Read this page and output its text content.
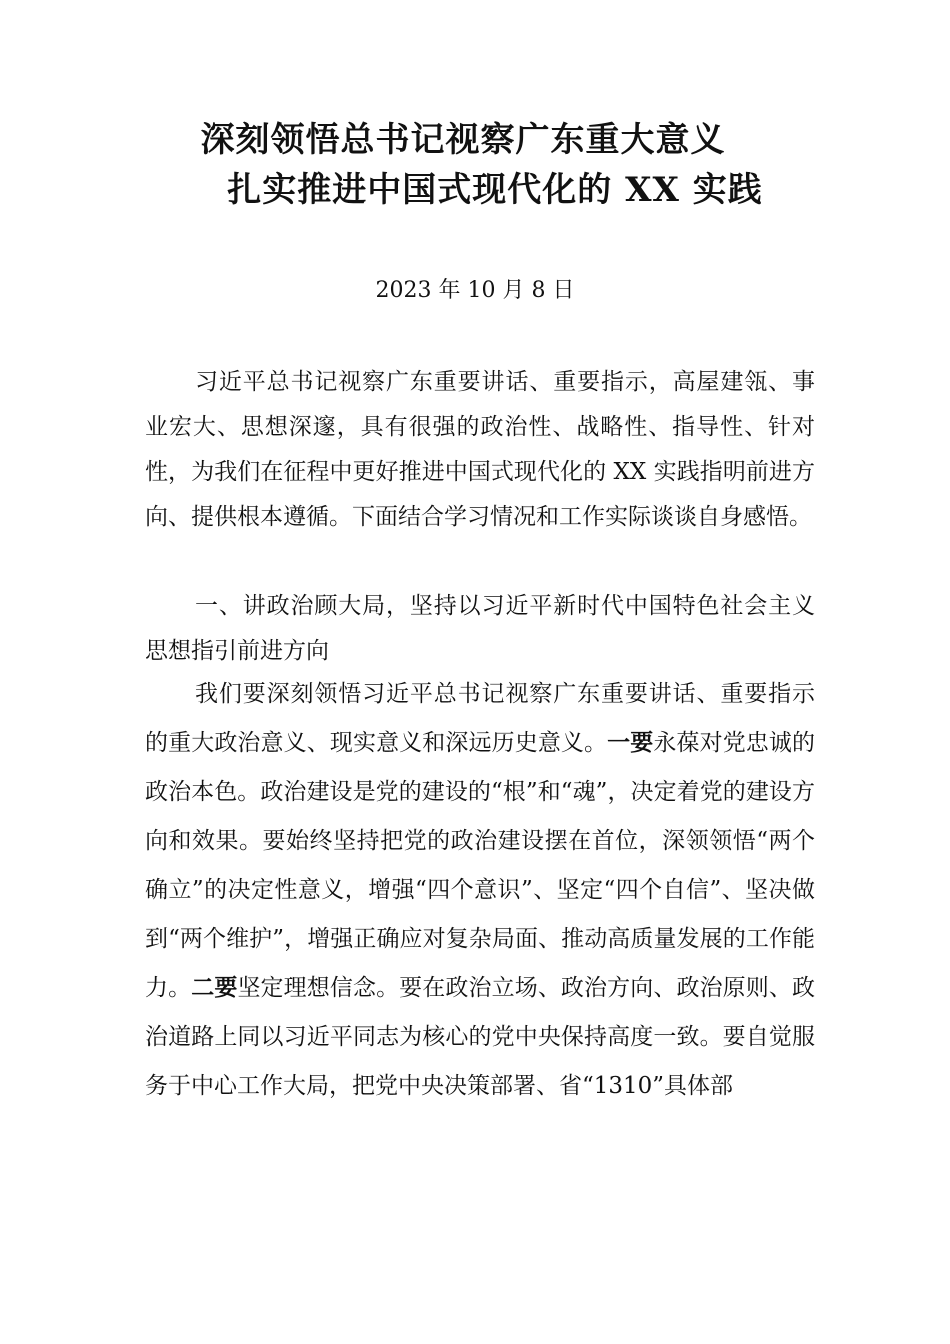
深刻领悟总书记视察广东重大意义
扎实推进中国式现代化的 XX 实践
2023 年 10 月 8 日

习近平总书记视察广东重要讲话、重要指示，高屋建瓴、事业宏大、思想深邃，具有很强的政治性、战略性、指导性、针对性，为我们在征程中更好推进中国式现代化的 XX 实践指明前进方向、提供根本遵循。下面结合学习情况和工作实际谈谈自身感悟。

一、讲政治顾大局，坚持以习近平新时代中国特色社会主义思想指引前进方向

我们要深刻领悟习近平总书记视察广东重要讲话、重要指示的重大政治意义、现实意义和深远历史意义。一要永葆对党忠诚的政治本色。政治建设是党的建设的“根”和“魂”，决定着党的建设方向和效果。要始终坚持把党的政治建设摆在首位，深领领悟“两个确立”的决定性意义，增强“四个意识”、坚定“四个自信”、坚决做到“两个维护”，增强正确应对复杂局面、推动高质量发展的工作能力。二要坚定理想信念。要在政治立场、政治方向、政治原则、政治道路上同以习近平同志为核心的党中央保持高度一致。要自觉服务于中心工作大局，把党中央决策部署、省“1310”具体部
